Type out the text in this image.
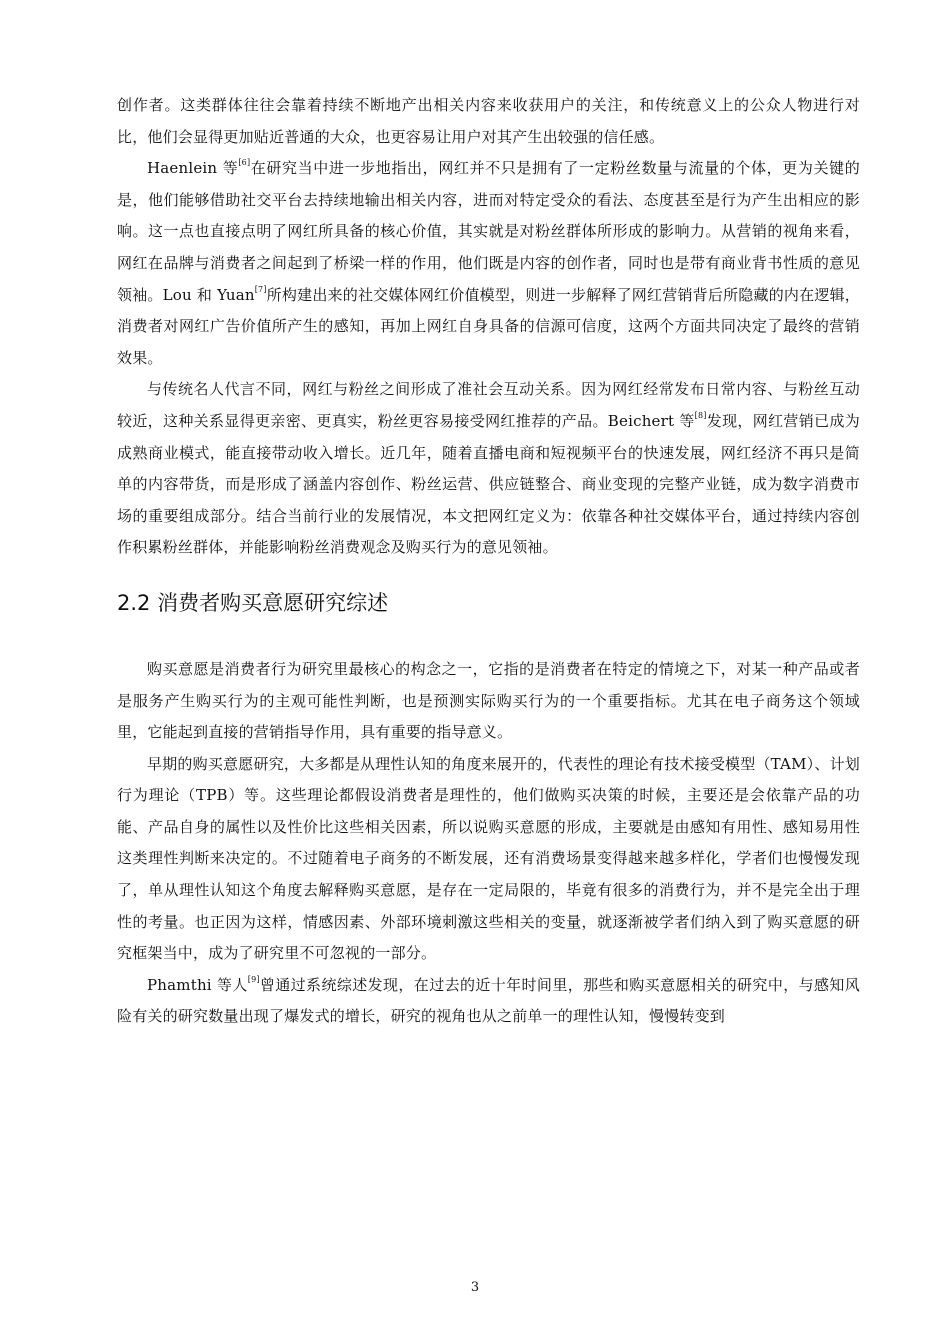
创作者。这类群体往往会靠着持续不断地产出相关内容来收获用户的关注，和传统意义上的公众人物进行对比，他们会显得更加贴近普通的大众，也更容易让用户对其产生出较强的信任感。

Haenlein 等[6]在研究当中进一步地指出，网红并不只是拥有了一定粉丝数量与流量的个体，更为关键的是，他们能够借助社交平台去持续地输出相关内容，进而对特定受众的看法、态度甚至是行为产生出相应的影响。这一点也直接点明了网红所具备的核心价值，其实就是对粉丝群体所形成的影响力。从营销的视角来看，网红在品牌与消费者之间起到了桥梁一样的作用，他们既是内容的创作者，同时也是带有商业背书性质的意见领袖。Lou 和 Yuan[7]所构建出来的社交媒体网红价值模型，则进一步解释了网红营销背后所隐藏的内在逻辑，消费者对网红广告价值所产生的感知，再加上网红自身具备的信源可信度，这两个方面共同决定了最终的营销效果。

与传统名人代言不同，网红与粉丝之间形成了准社会互动关系。因为网红经常发布日常内容、与粉丝互动较近，这种关系显得更亲密、更真实，粉丝更容易接受网红推荐的产品。Beichert 等[8]发现，网红营销已成为成熟商业模式，能直接带动收入增长。近几年，随着直播电商和短视频平台的快速发展，网红经济不再只是简单的内容带货，而是形成了涵盖内容创作、粉丝运营、供应链整合、商业变现的完整产业链，成为数字消费市场的重要组成部分。结合当前行业的发展情况，本文把网红定义为：依靠各种社交媒体平台，通过持续内容创作积累粉丝群体，并能影响粉丝消费观念及购买行为的意见领袖。

2.2 消费者购买意愿研究综述

购买意愿是消费者行为研究里最核心的构念之一，它指的是消费者在特定的情境之下，对某一种产品或者是服务产生购买行为的主观可能性判断，也是预测实际购买行为的一个重要指标。尤其在电子商务这个领域里，它能起到直接的营销指导作用，具有重要的指导意义。

早期的购买意愿研究，大多都是从理性认知的角度来展开的，代表性的理论有技术接受模型（TAM）、计划行为理论（TPB）等。这些理论都假设消费者是理性的，他们做购买决策的时候，主要还是会依靠产品的功能、产品自身的属性以及性价比这些相关因素，所以说购买意愿的形成，主要就是由感知有用性、感知易用性这类理性判断来决定的。不过随着电子商务的不断发展，还有消费场景变得越来越多样化，学者们也慢慢发现了，单从理性认知这个角度去解释购买意愿，是存在一定局限的，毕竟有很多的消费行为，并不是完全出于理性的考量。也正因为这样，情感因素、外部环境刺激这些相关的变量，就逐渐被学者们纳入到了购买意愿的研究框架当中，成为了研究里不可忽视的一部分。

Phamthi 等人[9]曾通过系统综述发现，在过去的近十年时间里，那些和购买意愿相关的研究中，与感知风险有关的研究数量出现了爆发式的增长，研究的视角也从之前单一的理性认知，慢慢转变到

3
